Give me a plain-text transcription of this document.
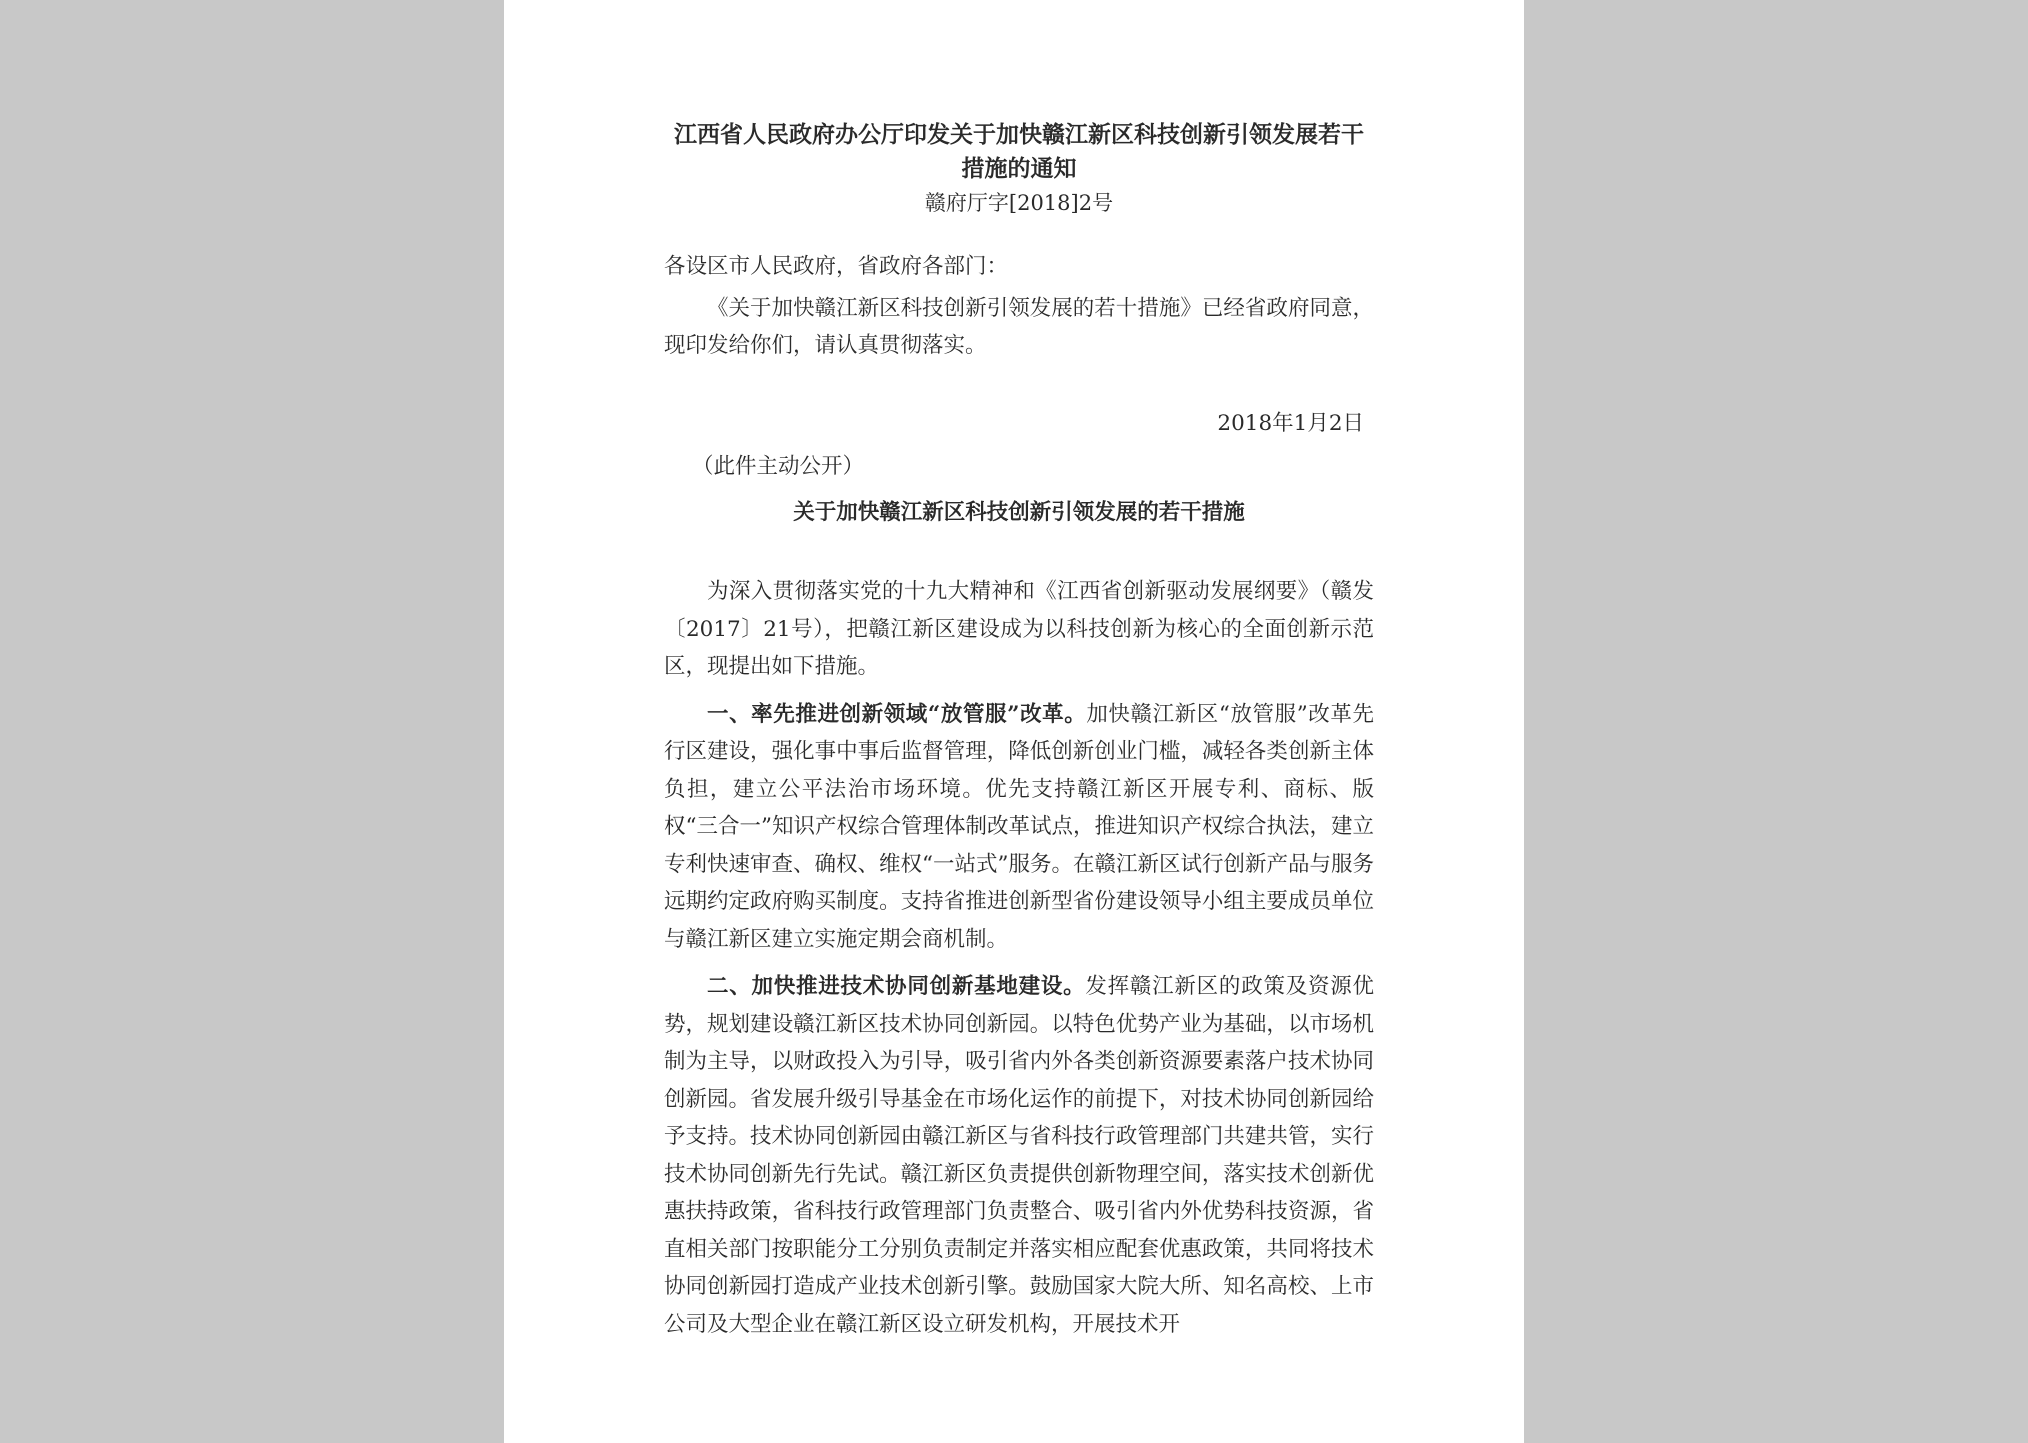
江西省人民政府办公厅印发关于加快赣江新区科技创新引领发展若干措施的通知

赣府厅字[2018]2号

各设区市人民政府，省政府各部门：

《关于加快赣江新区科技创新引领发展的若十措施》已经省政府同意，现印发给你们，请认真贯彻落实。

2018年1月2日

（此件主动公开）

关于加快赣江新区科技创新引领发展的若干措施

为深入贯彻落实党的十九大精神和《江西省创新驱动发展纲要》（赣发〔2017〕21号），把赣江新区建设成为以科技创新为核心的全面创新示范区，现提出如下措施。

一、率先推进创新领域“放管服”改革。加快赣江新区“放管服”改革先行区建设，强化事中事后监督管理，降低创新创业门槛，减轻各类创新主体负担，建立公平法治市场环境。优先支持赣江新区开展专利、商标、版权“三合一”知识产权综合管理体制改革试点，推进知识产权综合执法，建立专利快速审查、确权、维权“一站式”服务。在赣江新区试行创新产品与服务远期约定政府购买制度。支持省推进创新型省份建设领导小组主要成员单位与赣江新区建立实施定期会商机制。

二、加快推进技术协同创新基地建设。发挥赣江新区的政策及资源优势，规划建设赣江新区技术协同创新园。以特色优势产业为基础，以市场机制为主导，以财政投入为引导，吸引省内外各类创新资源要素落户技术协同创新园。省发展升级引导基金在市场化运作的前提下，对技术协同创新园给予支持。技术协同创新园由赣江新区与省科技行政管理部门共建共管，实行技术协同创新先行先试。赣江新区负责提供创新物理空间，落实技术创新优惠扶持政策，省科技行政管理部门负责整合、吸引省内外优势科技资源，省直相关部门按职能分工分别负责制定并落实相应配套优惠政策，共同将技术协同创新园打造成产业技术创新引擎。鼓励国家大院大所、知名高校、上市公司及大型企业在赣江新区设立研发机构，开展技术开
